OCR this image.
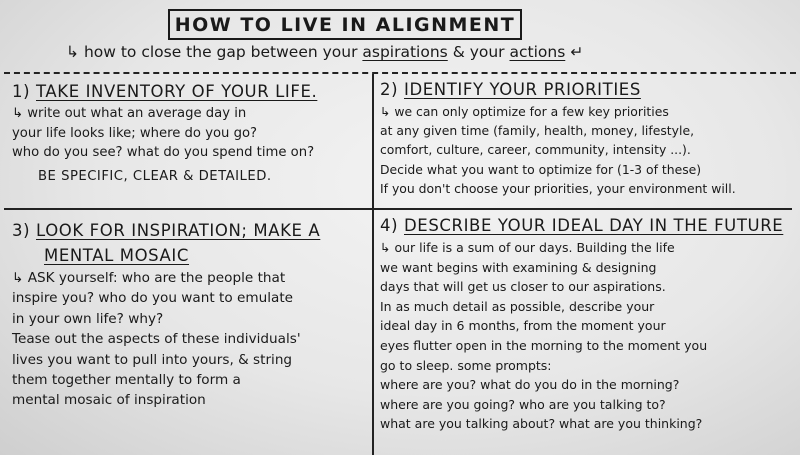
HOW TO LIVE IN ALIGNMENT
↳ how to close the gap between your aspirations & your actions ↵
1) TAKE INVENTORY OF YOUR LIFE.
↳ write out what an average day in
your life looks like; where do you go?
who do you see? what do you spend time on?
BE SPECIFIC, CLEAR & DETAILED.
2) IDENTIFY YOUR PRIORITIES
↳ we can only optimize for a few key priorities
at any given time (family, health, money, lifestyle,
comfort, culture, career, community, intensity ...).
Decide what you want to optimize for (1-3 of these)
If you don't choose your priorities, your environment will.
3) LOOK FOR INSPIRATION; MAKE A
MENTAL MOSAIC
↳ ASK yourself: who are the people that
inspire you? who do you want to emulate
in your own life? why?
Tease out the aspects of these individuals'
lives you want to pull into yours, & string
them together mentally to form a
mental mosaic of inspiration
4) DESCRIBE YOUR IDEAL DAY IN THE FUTURE
↳ our life is a sum of our days. Building the life
we want begins with examining & designing
days that will get us closer to our aspirations.
In as much detail as possible, describe your
ideal day in 6 months, from the moment your
eyes flutter open in the morning to the moment you
go to sleep. some prompts:
where are you? what do you do in the morning?
where are you going? who are you talking to?
what are you talking about? what are you thinking?
